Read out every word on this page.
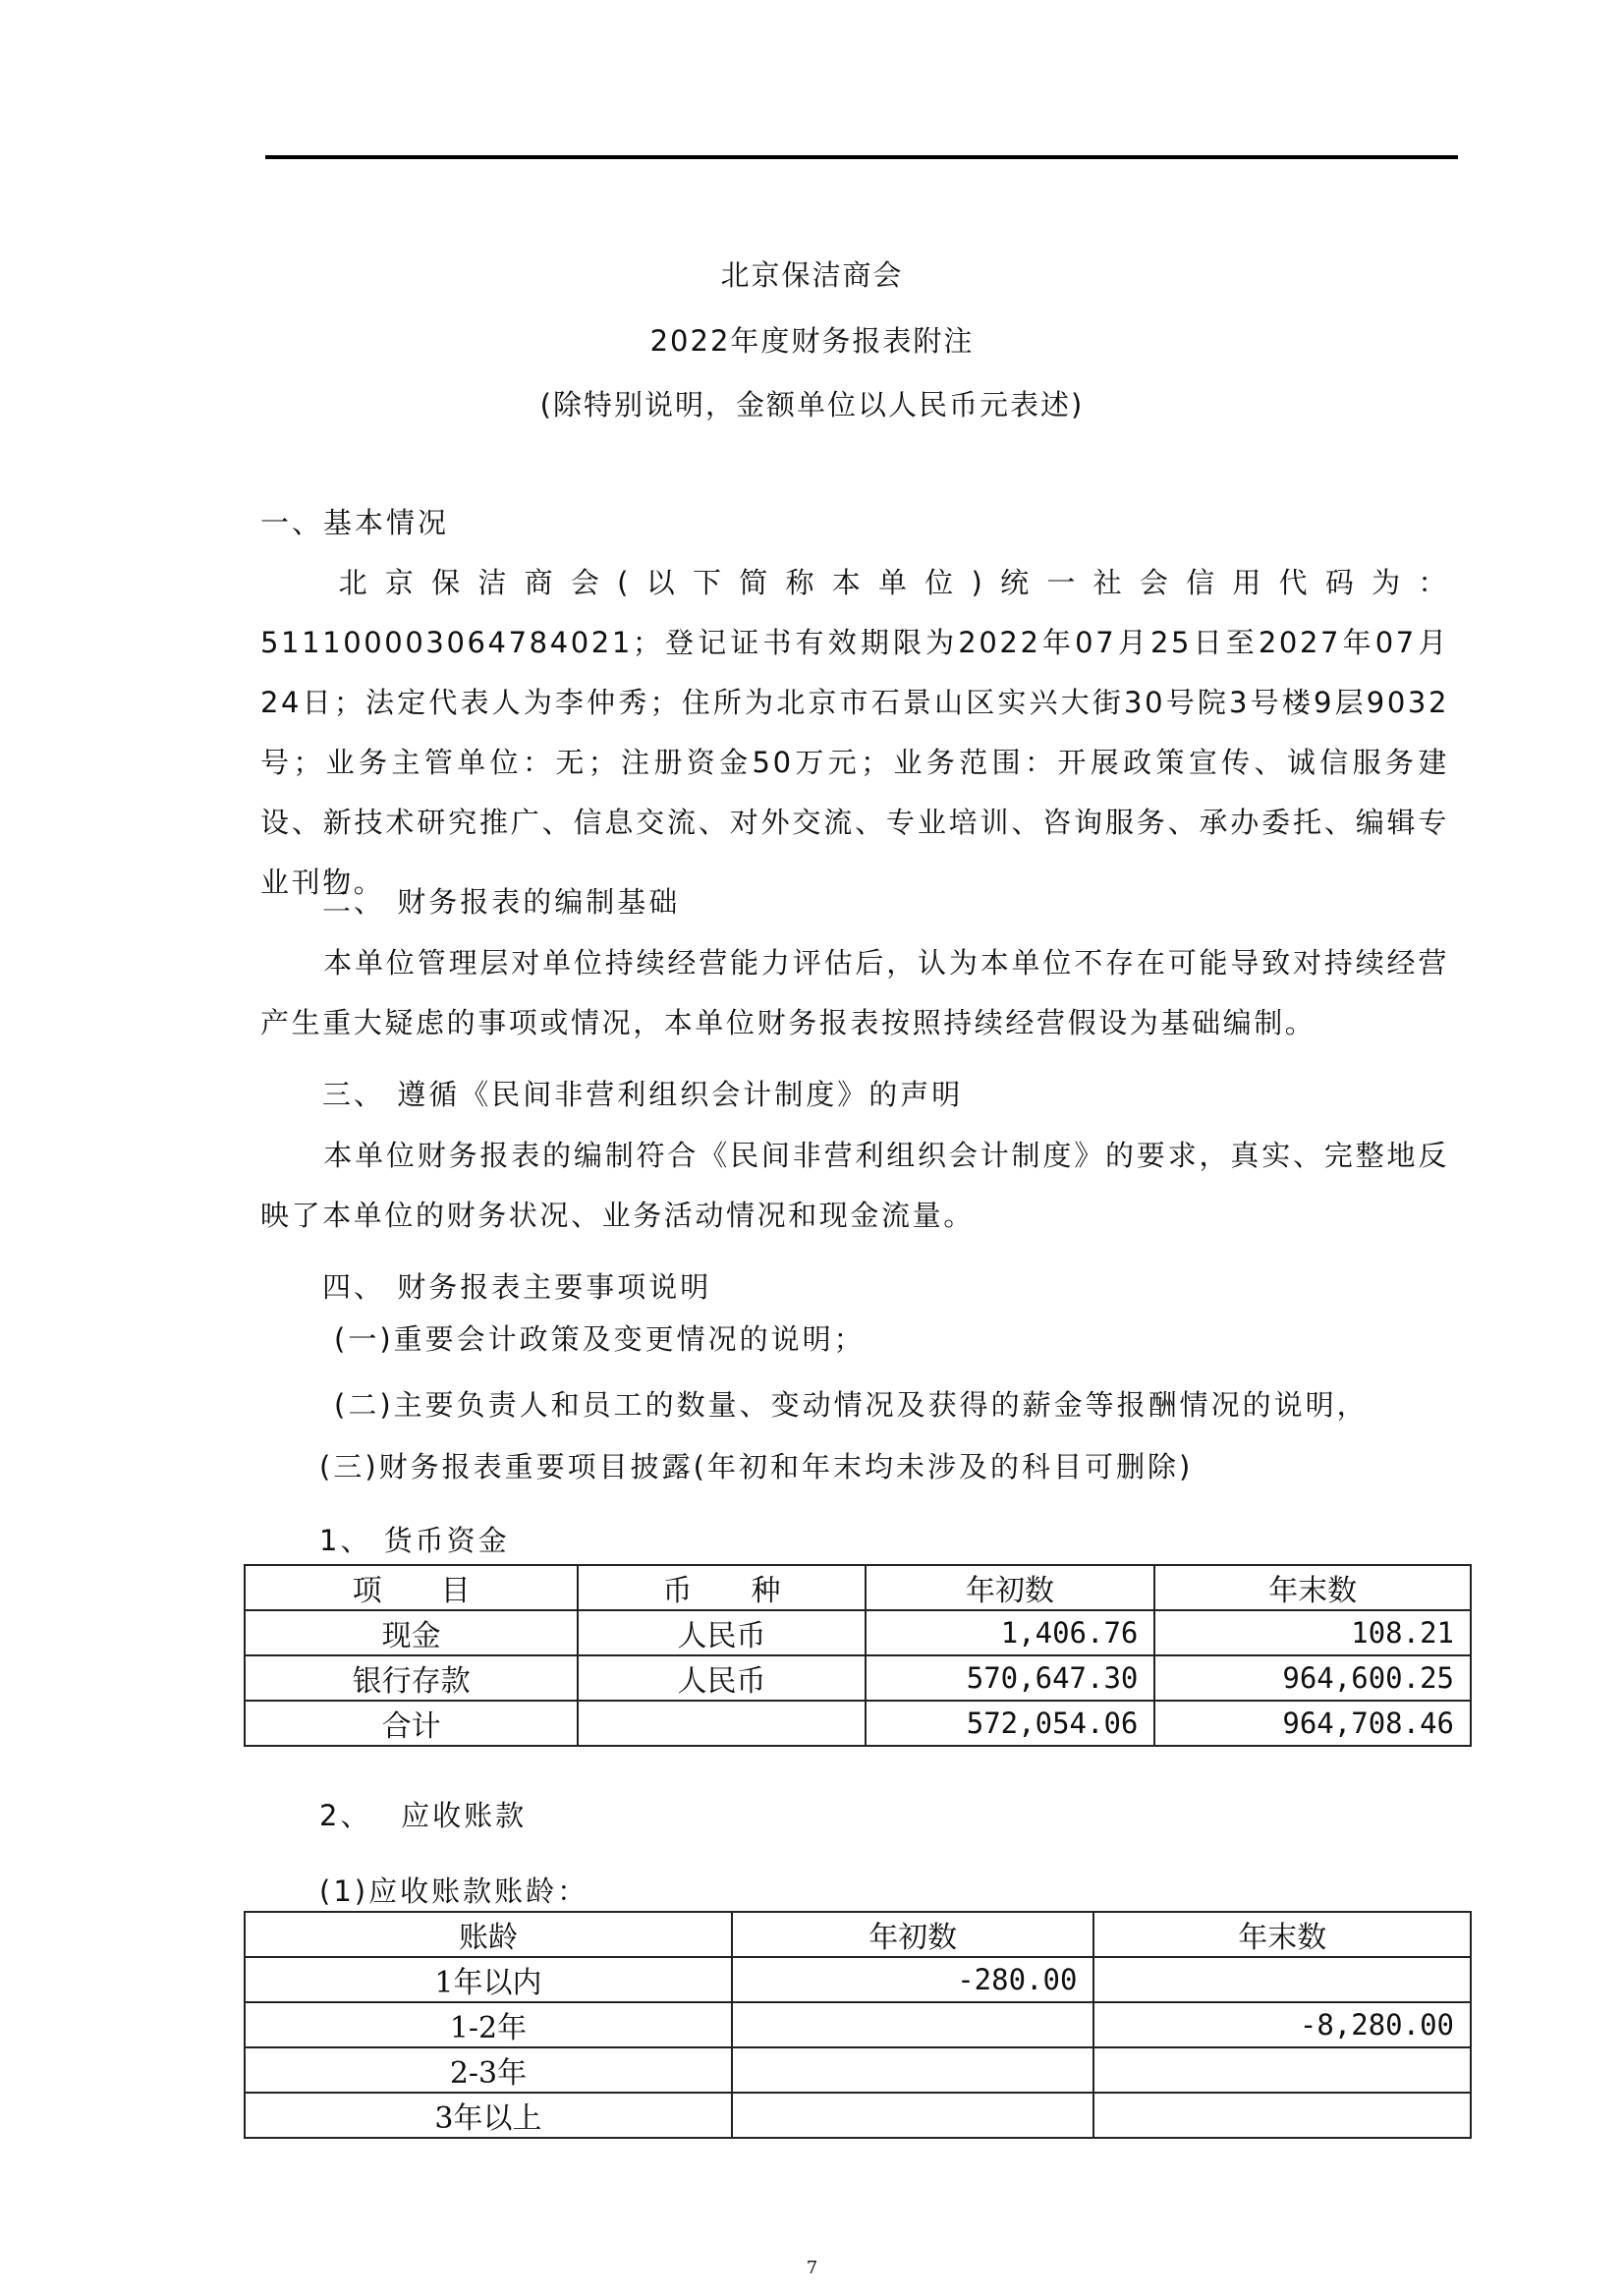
北京保洁商会
2022年度财务报表附注
(除特别说明，金额单位以人民币元表述)
一、基本情况
北京保洁商会(以下简称本单位)统一社会信用代码为：511100003064784021；登记证书有效期限为2022年07月25日至2027年07月24日；法定代表人为李仲秀；住所为北京市石景山区实兴大街30号院3号楼9层9032号；业务主管单位：无；注册资金50万元；业务范围：开展政策宣传、诚信服务建设、新技术研究推广、信息交流、对外交流、专业培训、咨询服务、承办委托、编辑专业刊物。
二、 财务报表的编制基础
本单位管理层对单位持续经营能力评估后，认为本单位不存在可能导致对持续经营产生重大疑虑的事项或情况，本单位财务报表按照持续经营假设为基础编制。
三、 遵循《民间非营利组织会计制度》的声明
本单位财务报表的编制符合《民间非营利组织会计制度》的要求，真实、完整地反映了本单位的财务状况、业务活动情况和现金流量。
四、 财务报表主要事项说明
(一)重要会计政策及变更情况的说明；
(二)主要负责人和员工的数量、变动情况及获得的薪金等报酬情况的说明，
(三)财务报表重要项目披露(年初和年末均未涉及的科目可删除)
1、 货币资金
项　　目	币　　种	年初数	年末数
现金	人民币	1,406.76	108.21
银行存款	人民币	570,647.30	964,600.25
合计		572,054.06	964,708.46
2、　 应收账款
(1)应收账款账龄：
账龄	年初数	年末数
1年以内	-280.00	
1-2年		-8,280.00
2-3年		
3年以上		
7
